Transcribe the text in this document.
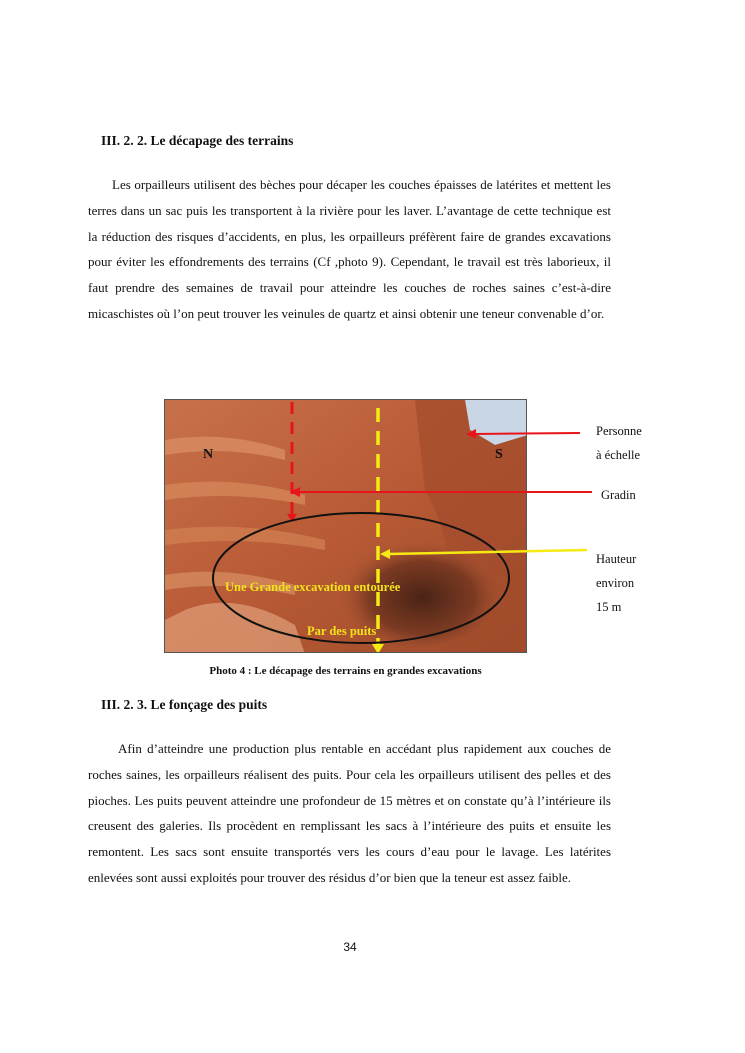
III. 2. 2. Le décapage des terrains
Les orpailleurs utilisent des bèches pour décaper les couches épaisses de latérites et mettent les terres dans un sac puis les transportent à la rivière pour les laver. L’avantage de cette technique est la réduction des risques d’accidents, en plus, les orpailleurs préfèrent faire de grandes excavations pour éviter les effondrements des terrains (Cf ,photo 9). Cependant, le travail est très laborieux, il faut prendre des semaines de travail pour atteindre les couches de roches saines c’est-à-dire micaschistes où l’on peut trouver les veinules de quartz et ainsi obtenir une teneur convenable d’or.
N	S
Une Grande excavation entourée
Par des puits
Personne
à échelle
Gradin
Hauteur
environ
15 m
Photo 4 : Le décapage des terrains en grandes excavations
III. 2. 3. Le fonçage des puits
Afin d’atteindre une production plus rentable en accédant plus rapidement aux couches de roches saines, les orpailleurs réalisent des puits. Pour cela les orpailleurs utilisent des pelles et des pioches. Les puits peuvent atteindre une profondeur de 15 mètres et on constate qu’à l’intérieure ils creusent des galeries. Ils procèdent en remplissant les sacs à l’intérieure des puits et ensuite les remontent. Les sacs sont ensuite transportés vers les cours d’eau pour le lavage. Les latérites enlevées sont aussi exploités pour trouver des résidus d’or bien que la teneur est assez faible.
34
